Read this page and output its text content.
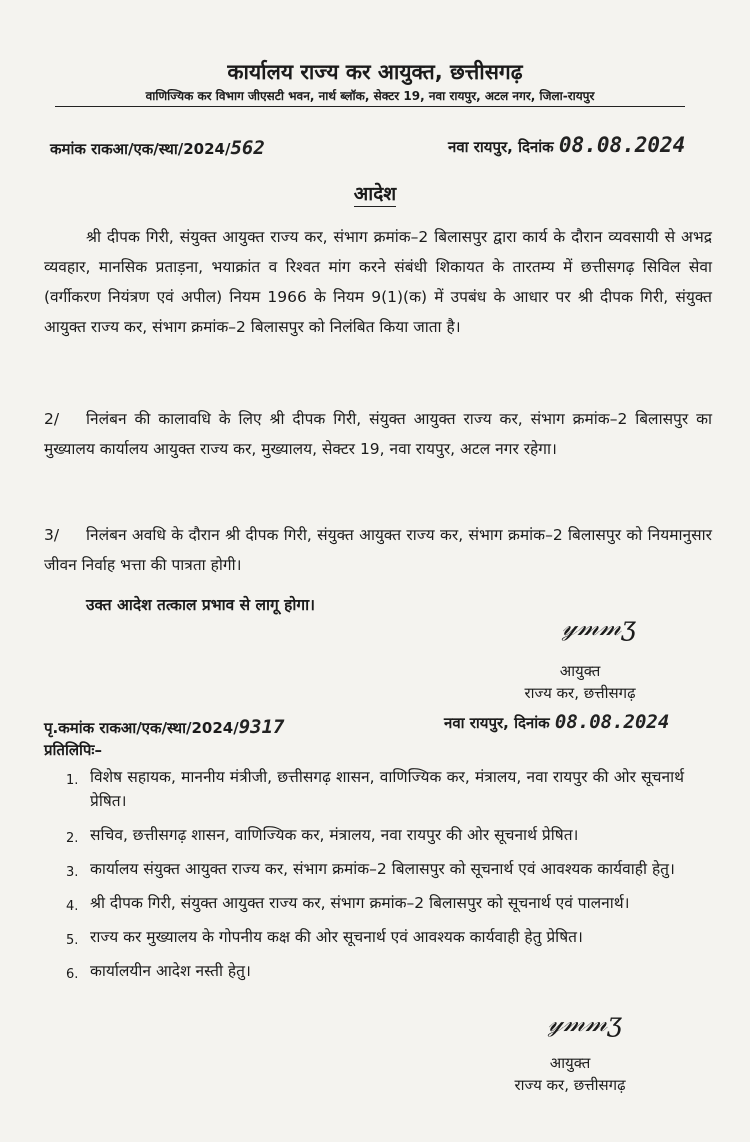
कार्यालय राज्य कर आयुक्त, छत्तीसगढ़
वाणिज्यिक कर विभाग जीएसटी भवन, नार्थ ब्लॉक, सेक्टर 19, नवा रायपुर, अटल नगर, जिला-रायपुर
कमांक राकआ/एक/स्था/2024/562	नवा रायपुर, दिनांक 08.08.2024
आदेश
श्री दीपक गिरी, संयुक्त आयुक्त राज्य कर, संभाग क्रमांक–2 बिलासपुर द्वारा कार्य के दौरान व्यवसायी से अभद्र व्यवहार, मानसिक प्रताड़ना, भयाक्रांत व रिश्वत मांग करने संबंधी शिकायत के तारतम्य में छत्तीसगढ़ सिविल सेवा (वर्गीकरण नियंत्रण एवं अपील) नियम 1966 के नियम 9(1)(क) में उपबंध के आधार पर श्री दीपक गिरी, संयुक्त आयुक्त राज्य कर, संभाग क्रमांक–2 बिलासपुर को निलंबित किया जाता है।
2/ निलंबन की कालावधि के लिए श्री दीपक गिरी, संयुक्त आयुक्त राज्य कर, संभाग क्रमांक–2 बिलासपुर का मुख्यालय कार्यालय आयुक्त राज्य कर, मुख्यालय, सेक्टर 19, नवा रायपुर, अटल नगर रहेगा।
3/ निलंबन अवधि के दौरान श्री दीपक गिरी, संयुक्त आयुक्त राज्य कर, संभाग क्रमांक–2 बिलासपुर को नियमानुसार जीवन निर्वाह भत्ता की पात्रता होगी।
उक्त आदेश तत्काल प्रभाव से लागू होगा।
𝓎𝓂𝓂ʒ
आयुक्त
राज्य कर, छत्तीसगढ़
पृ.कमांक राकआ/एक/स्था/2024/9317	नवा रायपुर, दिनांक 08.08.2024
प्रतिलिपिः–
1. विशेष सहायक, माननीय मंत्रीजी, छत्तीसगढ़ शासन, वाणिज्यिक कर, मंत्रालय, नवा रायपुर की ओर सूचनार्थ प्रेषित।
2. सचिव, छत्तीसगढ़ शासन, वाणिज्यिक कर, मंत्रालय, नवा रायपुर की ओर सूचनार्थ प्रेषित।
3. कार्यालय संयुक्त आयुक्त राज्य कर, संभाग क्रमांक–2 बिलासपुर को सूचनार्थ एवं आवश्यक कार्यवाही हेतु।
4. श्री दीपक गिरी, संयुक्त आयुक्त राज्य कर, संभाग क्रमांक–2 बिलासपुर को सूचनार्थ एवं पालनार्थ।
5. राज्य कर मुख्यालय के गोपनीय कक्ष की ओर सूचनार्थ एवं आवश्यक कार्यवाही हेतु प्रेषित।
6. कार्यालयीन आदेश नस्ती हेतु।
𝓎𝓂𝓂ʒ
आयुक्त
राज्य कर, छत्तीसगढ़
